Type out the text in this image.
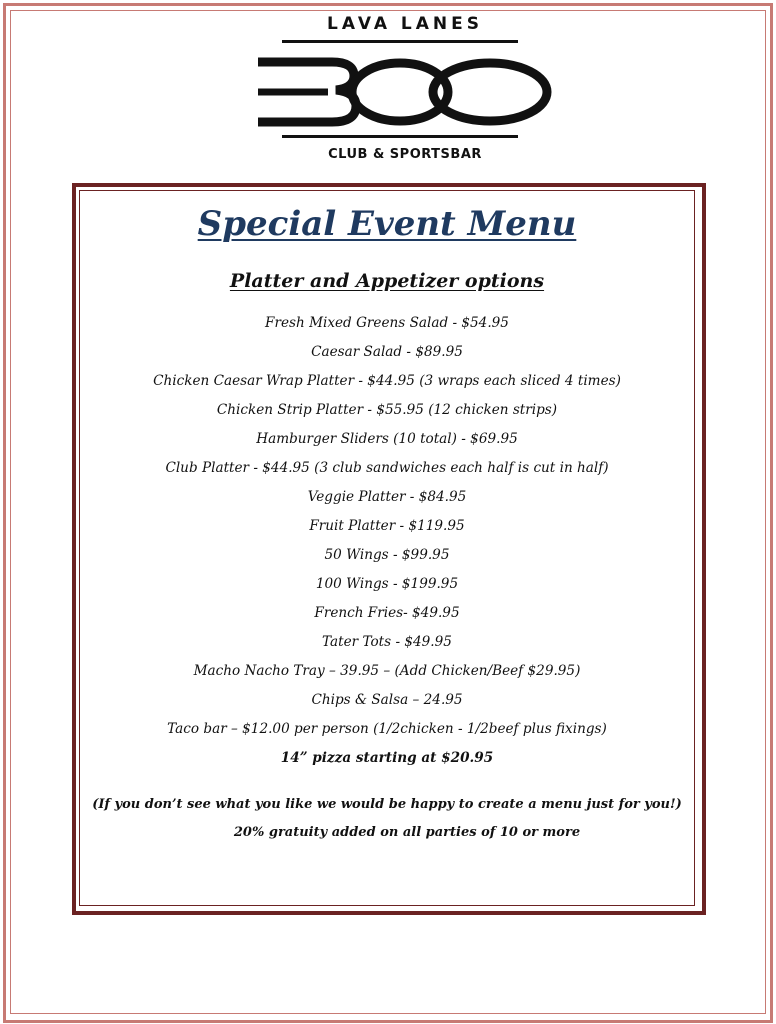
LAVA LANES
CLUB & SPORTSBAR
Special Event Menu
Platter and Appetizer options
Fresh Mixed Greens Salad - $54.95
Caesar Salad - $89.95
Chicken Caesar Wrap Platter - $44.95 (3 wraps each sliced 4 times)
Chicken Strip Platter - $55.95 (12 chicken strips)
Hamburger Sliders (10 total) - $69.95
Club Platter - $44.95 (3 club sandwiches each half is cut in half)
Veggie Platter - $84.95
Fruit Platter - $119.95
50 Wings - $99.95
100 Wings - $199.95
French Fries- $49.95
Tater Tots - $49.95
Macho Nacho Tray – 39.95 – (Add Chicken/Beef $29.95)
Chips & Salsa – 24.95
Taco bar – $12.00 per person (1/2chicken - 1/2beef plus fixings)
14” pizza starting at $20.95

(If you don’t see what you like we would be happy to create a menu just for you!)

20% gratuity added on all parties of 10 or more
